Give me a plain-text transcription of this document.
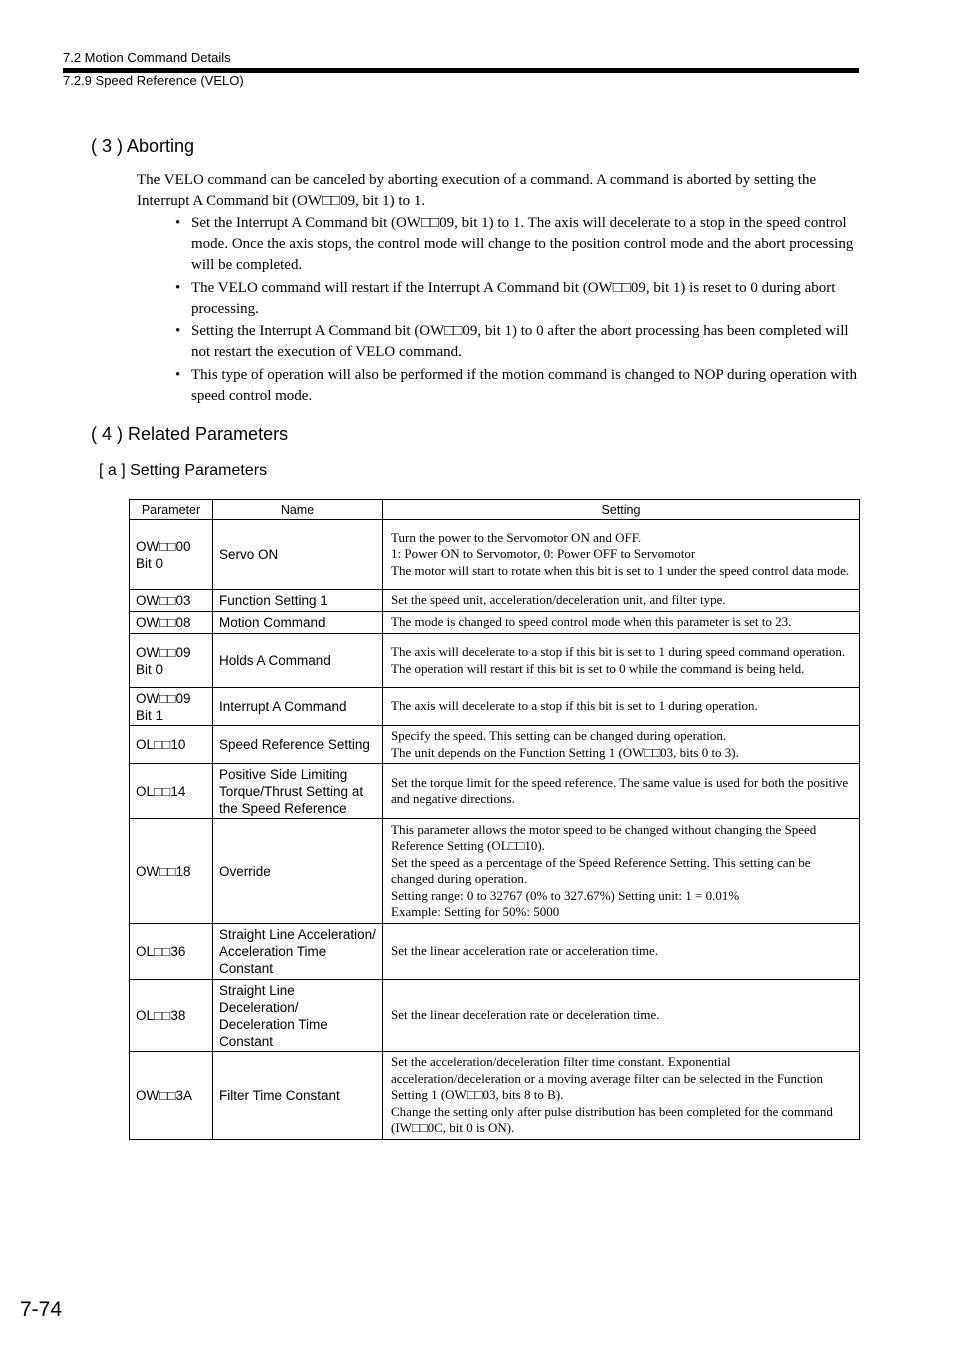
7.2 Motion Command Details
7.2.9 Speed Reference (VELO)
( 3 ) Aborting

The VELO command can be canceled by aborting execution of a command. A command is aborted by setting the Interrupt A Command bit (OW□□09, bit 1) to 1.

• Set the Interrupt A Command bit (OW□□09, bit 1) to 1. The axis will decelerate to a stop in the speed control mode. Once the axis stops, the control mode will change to the position control mode and the abort processing will be completed.
• The VELO command will restart if the Interrupt A Command bit (OW□□09, bit 1) is reset to 0 during abort processing.
• Setting the Interrupt A Command bit (OW□□09, bit 1) to 0 after the abort processing has been completed will not restart the execution of VELO command.
• This type of operation will also be performed if the motion command is changed to NOP during operation with speed control mode.
( 4 ) Related Parameters
[ a ] Setting Parameters
Parameter	Name	Setting
OW□□00
Bit 0	Servo ON	Turn the power to the Servomotor ON and OFF.
1: Power ON to Servomotor, 0: Power OFF to Servomotor
The motor will start to rotate when this bit is set to 1 under the speed control data mode.
OW□□03	Function Setting 1	Set the speed unit, acceleration/deceleration unit, and filter type.
OW□□08	Motion Command	The mode is changed to speed control mode when this parameter is set to 23.
OW□□09
Bit 0	Holds A Command	The axis will decelerate to a stop if this bit is set to 1 during speed command operation.
The operation will restart if this bit is set to 0 while the command is being held.
OW□□09
Bit 1	Interrupt A Command	The axis will decelerate to a stop if this bit is set to 1 during operation.
OL□□10	Speed Reference Setting	Specify the speed. This setting can be changed during operation.
The unit depends on the Function Setting 1 (OW□□03, bits 0 to 3).
OL□□14	Positive Side Limiting Torque/Thrust Setting at the Speed Reference	Set the torque limit for the speed reference. The same value is used for both the positive and negative directions.
OW□□18	Override	This parameter allows the motor speed to be changed without changing the Speed Reference Setting (OL□□10).
Set the speed as a percentage of the Speed Reference Setting. This setting can be changed during operation.
Setting range: 0 to 32767 (0% to 327.67%) Setting unit: 1 = 0.01%
Example: Setting for 50%: 5000
OL□□36	Straight Line Acceleration/ Acceleration Time Constant	Set the linear acceleration rate or acceleration time.
OL□□38	Straight Line Deceleration/ Deceleration Time Constant	Set the linear deceleration rate or deceleration time.
OW□□3A	Filter Time Constant	Set the acceleration/deceleration filter time constant. Exponential acceleration/deceleration or a moving average filter can be selected in the Function Setting 1 (OW□□03, bits 8 to B).
Change the setting only after pulse distribution has been completed for the command (IW□□0C, bit 0 is ON).
7-74
